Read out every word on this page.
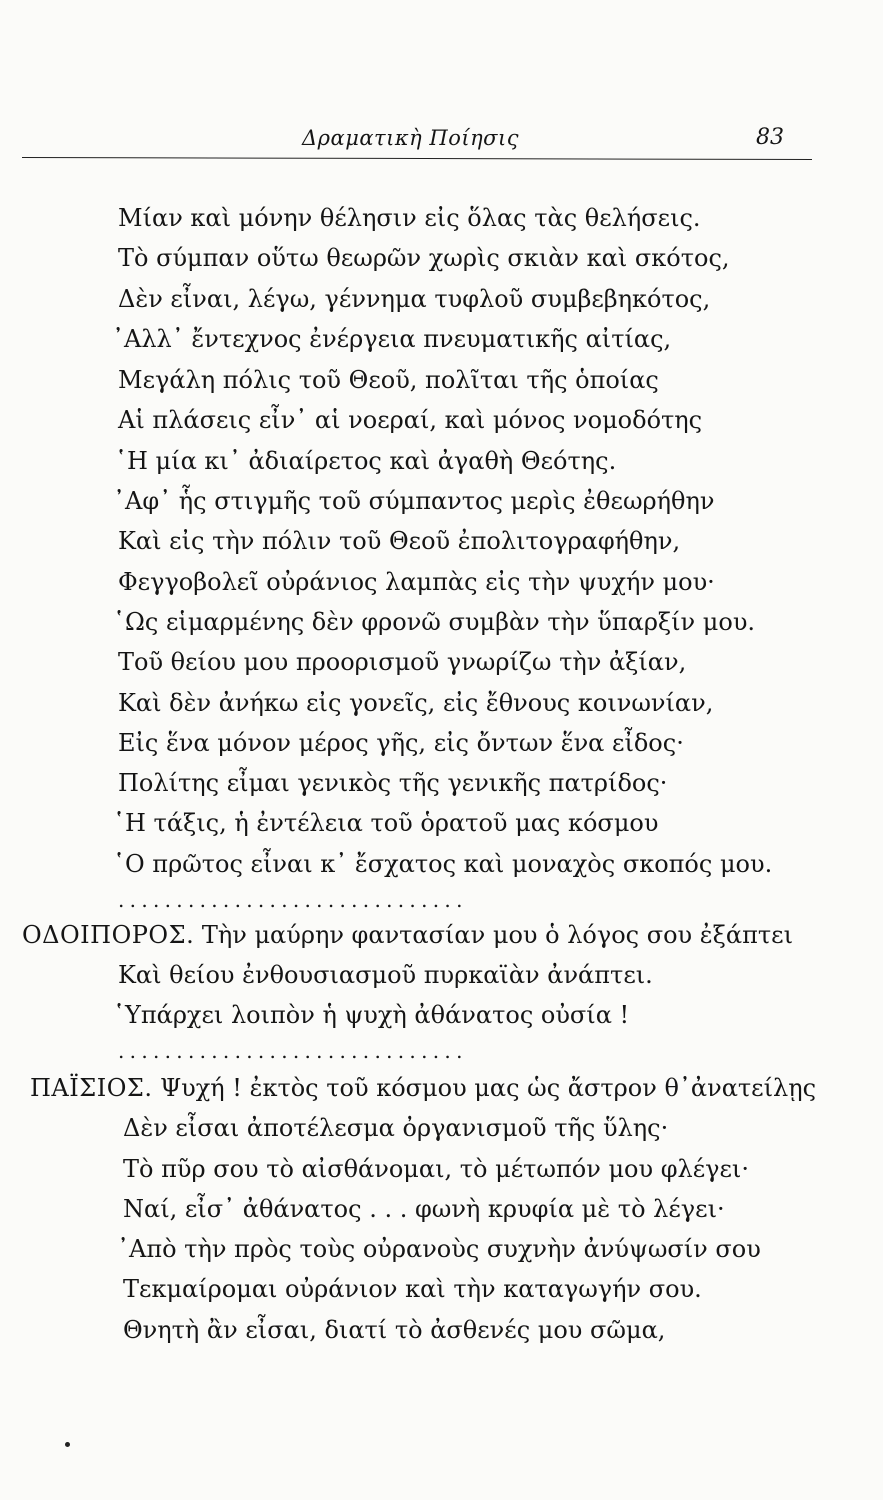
Δραματικὴ Ποίησις	83
Μίαν καὶ μόνην θέλησιν εἰς ὅλας τὰς θελήσεις.
Τὸ σύμπαν οὕτω θεωρῶν χωρὶς σκιὰν καὶ σκότος,
Δὲν εἶναι, λέγω, γέννημα τυφλοῦ συμβεβηκότος,
᾿Αλλ᾿ ἔντεχνος ἐνέργεια πνευματικῆς αἰτίας,
Μεγάλη πόλις τοῦ Θεοῦ, πολῖται τῆς ὁποίας
Αἱ πλάσεις εἶν᾿ αἱ νοεραί, καὶ μόνος νομοδότης
῾Η μία κι᾿ ἀδιαίρετος καὶ ἀγαθὴ Θεότης.
᾿Αφ᾿ ἧς στιγμῆς τοῦ σύμπαντος μερὶς ἐθεωρήθην
Καὶ εἰς τὴν πόλιν τοῦ Θεοῦ ἐπολιτογραφήθην,
Φεγγοβολεῖ οὐράνιος λαμπὰς εἰς τὴν ψυχήν μου·
῾Ως εἱμαρμένης δὲν φρονῶ συμβὰν τὴν ὕπαρξίν μου.
Τοῦ θείου μου προορισμοῦ γνωρίζω τὴν ἀξίαν,
Καὶ δὲν ἀνήκω εἰς γονεῖς, εἰς ἔθνους κοινωνίαν,
Εἰς ἕνα μόνον μέρος γῆς, εἰς ὄντων ἕνα εἶδος·
Πολίτης εἶμαι γενικὸς τῆς γενικῆς πατρίδος·
῾Η τάξις, ἡ ἐντέλεια τοῦ ὁρατοῦ μας κόσμου
῾Ο πρῶτος εἶναι κ᾿ ἔσχατος καὶ μοναχὸς σκοπός μου.
..............................
ΟΔΟΙΠΟΡΟΣ. Τὴν μαύρην φαντασίαν μου ὁ λόγος σου ἐξάπτει
Καὶ θείου ἐνθουσιασμοῦ πυρκαϊὰν ἀνάπτει.
῾Υπάρχει λοιπὸν ἡ ψυχὴ ἀθάνατος οὐσία !
..............................
ΠΑΪΣΙΟΣ. Ψυχή ! ἐκτὸς τοῦ κόσμου μας ὡς ἄστρον θ᾿ἀνατείλῃς
Δὲν εἶσαι ἀποτέλεσμα ὀργανισμοῦ τῆς ὕλης·
Τὸ πῦρ σου τὸ αἰσθάνομαι, τὸ μέτωπόν μου φλέγει·
Ναί, εἶσ᾿ ἀθάνατος . . . φωνὴ κρυφία μὲ τὸ λέγει·
᾿Απὸ τὴν πρὸς τοὺς οὐρανοὺς συχνὴν ἀνύψωσίν σου
Τεκμαίρομαι οὐράνιον καὶ τὴν καταγωγήν σου.
Θνητὴ ἂν εἶσαι, διατί τὸ ἀσθενές μου σῶμα,
